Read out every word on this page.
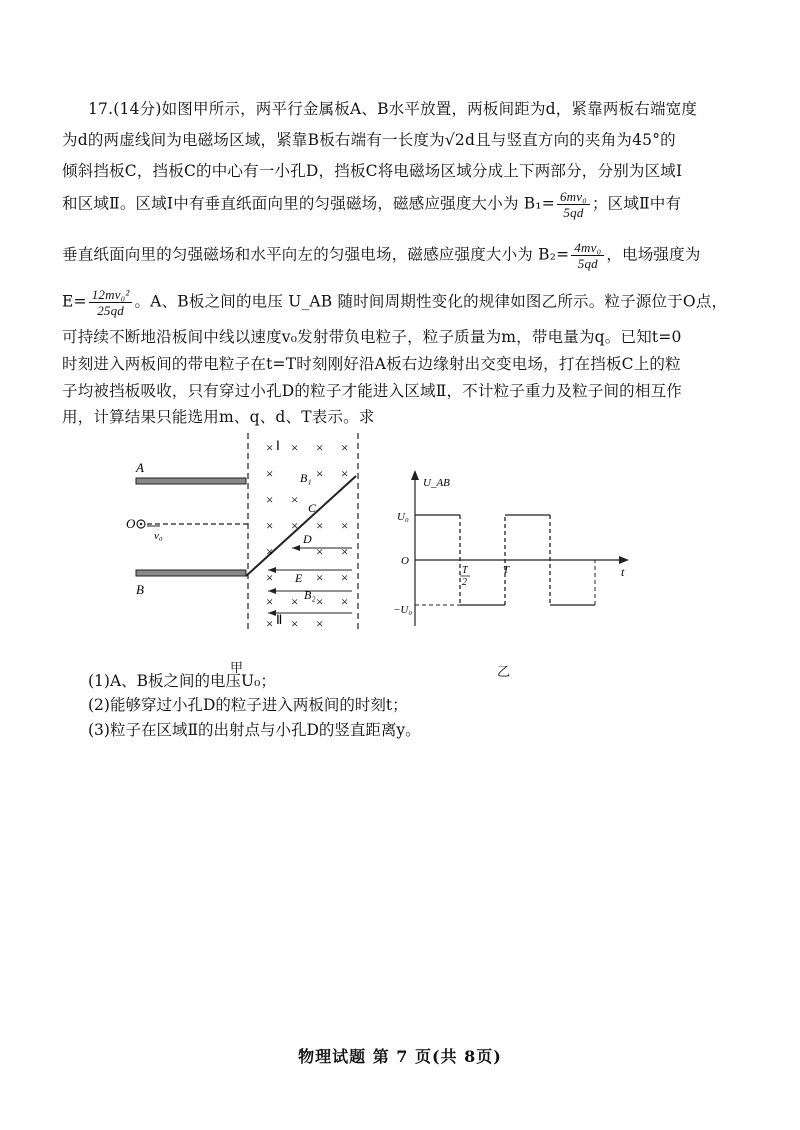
17.(14分)如图甲所示，两平行金属板A、B水平放置，两板间距为d，紧靠两板右端宽度
为d的两虚线间为电磁场区域，紧靠B板右端有一长度为√2d且与竖直方向的夹角为45°的
倾斜挡板C，挡板C的中心有一小孔D，挡板C将电磁场区域分成上下两部分，分别为区域Ⅰ
和区域Ⅱ。区域Ⅰ中有垂直纸面向里的匀强磁场，磁感应强度大小为 $B_1= \frac{\text{6mv₀}}{5qd}$ ；区域Ⅱ中有
垂直纸面向里的匀强磁场和水平向左的匀强电场，磁感应强度大小为 $B_2= \frac{\text{4mv₀}}{5qd}$ ，电场强度为
$E= \frac{\text{12mv₀²}}{25qd}$ 。A、B板之间的电压 U_AB 随时间周期性变化的规律如图乙所示。粒子源位于O点，
可持续不断地沿板间中线以速度v₀发射带负电粒子，粒子质量为m，带电量为q。已知t=0
时刻进入两板间的带电粒子在t=T时刻刚好沿A板右边缘射出交变电场，打在挡板C上的粒
子均被挡板吸收，只有穿过小孔D的粒子才能进入区域Ⅱ，不计粒子重力及粒子间的相互作
用，计算结果只能选用m、q、d、T表示。求
A
B
O
v₀
C
D
Ⅰ
B₁
E
B₂
Ⅱ
× × × ×
×	× ×
× ×
× × × ×
×	× ×
×	× ×
× × × ×
× × ×
甲
U_AB
t
U₀
O
−U₀
T
2
T
乙
(1)A、B板之间的电压U₀；
(2)能够穿过小孔D的粒子进入两板间的时刻t；
(3)粒子在区域Ⅱ的出射点与小孔D的竖直距离y。
物理试题 第 7 页(共 8页)
